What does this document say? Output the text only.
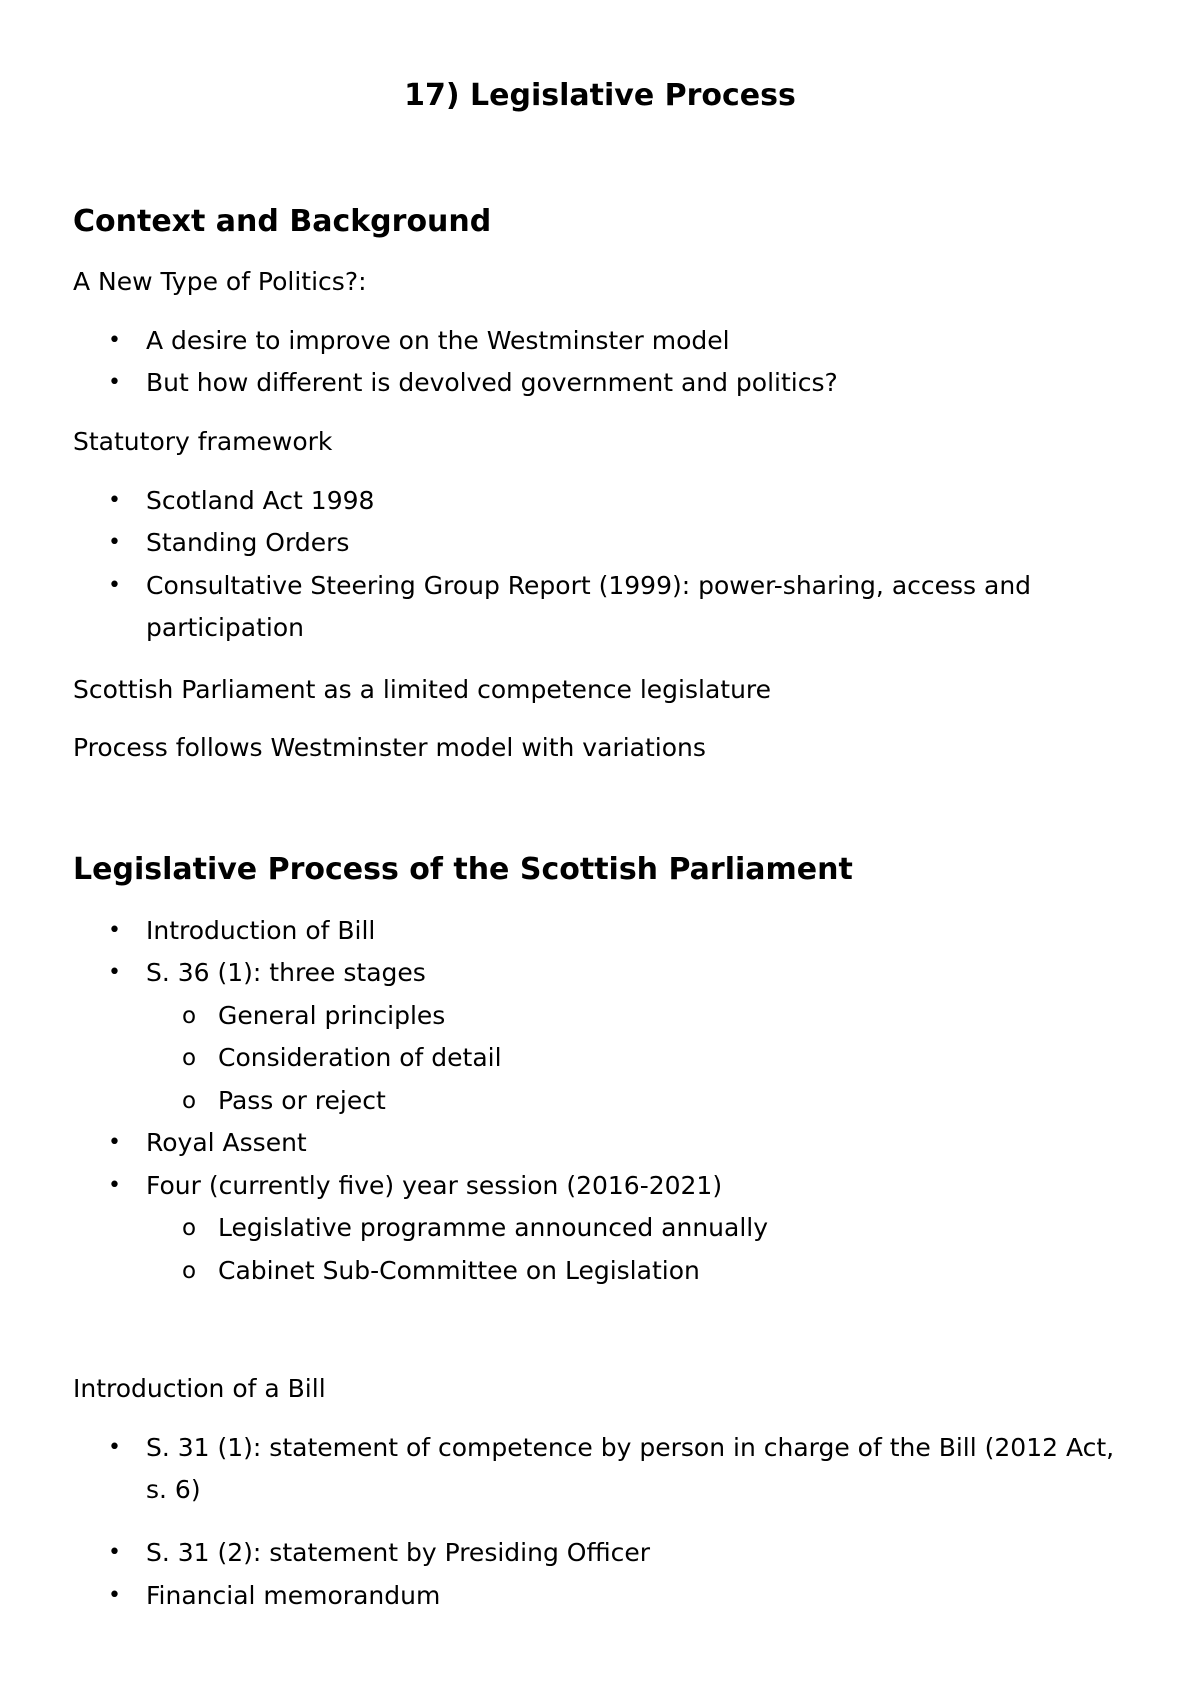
17) Legislative Process
Context and Background

A New Type of Politics?:

• A desire to improve on the Westminster model
• But how different is devolved government and politics?

Statutory framework

• Scotland Act 1998
• Standing Orders
• Consultative Steering Group Report (1999): power-sharing, access and participation

Scottish Parliament as a limited competence legislature

Process follows Westminster model with variations

Legislative Process of the Scottish Parliament
• Introduction of Bill
• S. 36 (1): three stages
o General principles
o Consideration of detail
o Pass or reject
• Royal Assent
• Four (currently five) year session (2016-2021)
o Legislative programme announced annually
o Cabinet Sub-Committee on Legislation

Introduction of a Bill

• S. 31 (1): statement of competence by person in charge of the Bill (2012 Act, s. 6)
• S. 31 (2): statement by Presiding Officer
• Financial memorandum
